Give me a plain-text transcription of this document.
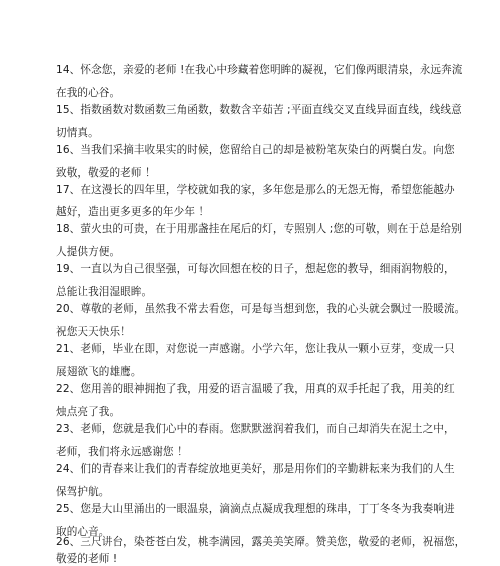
14、怀念您，亲爱的老师 !在我心中珍藏着您明眸的凝视，它们像两眼清泉，永远奔流
在我的心谷。
15、指数函数对数函数三角函数，数数含辛茹苦 ;平面直线交叉直线异面直线，线线意
切情真。
16、当我们采摘丰收果实的时候，您留给自己的却是被粉笔灰染白的两鬓白发。向您
致敬，敬爱的老师 ！
17、在这漫长的四年里，学校就如我的家，多年您是那么的无怨无悔，希望您能越办
越好，造出更多更多的年少年 ！
18、萤火虫的可贵，在于用那盏挂在尾后的灯，专照别人 ;您的可敬，则在于总是给别
人提供方便。
19、一直以为自己很坚强，可每次回想在校的日子，想起您的教导，细雨润物般的，
总能让我泪湿眼眸。
20、尊敬的老师，虽然我不常去看您，可是每当想到您，我的心头就会飘过一股暖流。
祝您天天快乐！
21、老师，毕业在即，对您说一声感谢。小学六年，您让我从一颗小豆芽，变成一只
展翅欲飞的雄鹰。
22、您用善的眼神拥抱了我，用爱的语言温暖了我，用真的双手托起了我，用美的红
烛点亮了我。
23、老师，您就是我们心中的春雨。您默默滋润着我们，而自己却消失在泥土之中，
老师，我们将永远感谢您 ！
24、们的青春来让我们的青春绽放地更美好，那是用你们的辛勤耕耘来为我们的人生
保驾护航。
25、您是大山里涌出的一眼温泉，滴滴点点凝成我理想的珠串，丁丁冬冬为我奏响进
取的心音。
26、三尺讲台，染苍苍白发，桃李满园，露美美笑厣。赞美您，敬爱的老师，祝福您，
敬爱的老师 !
